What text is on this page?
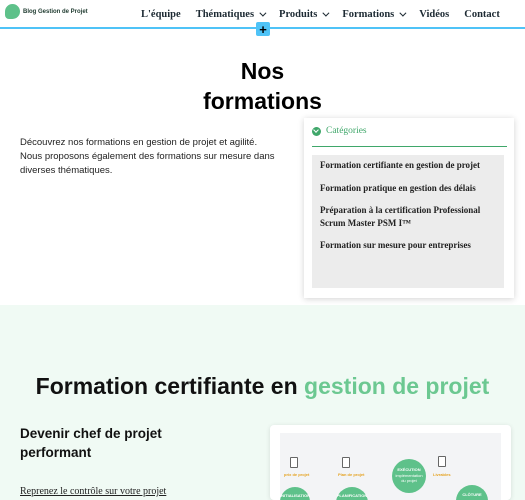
Blog Gestion de Projet	L'équipe Thématiques Produits Formations Vidéos Contact
+
Nos
formations

Découvrez nos formations en gestion de projet et agilité.

Nous proposons également des formations sur mesure dans diverses thématiques.

Catégories
Formation certifiante en gestion de projet
Formation pratique en gestion des délais
Préparation à la certification Professional Scrum Master PSM I™
Formation sur mesure pour entreprises
Formation certifiante en gestion de projet
Devenir chef de projet performant
Reprenez le contrôle sur votre projet
prix de projet	Plan de projet	Livrables
EXÉCUTION
implémentation du projet
INITIALISATION	PLANIFICATION	CLÔTURE
